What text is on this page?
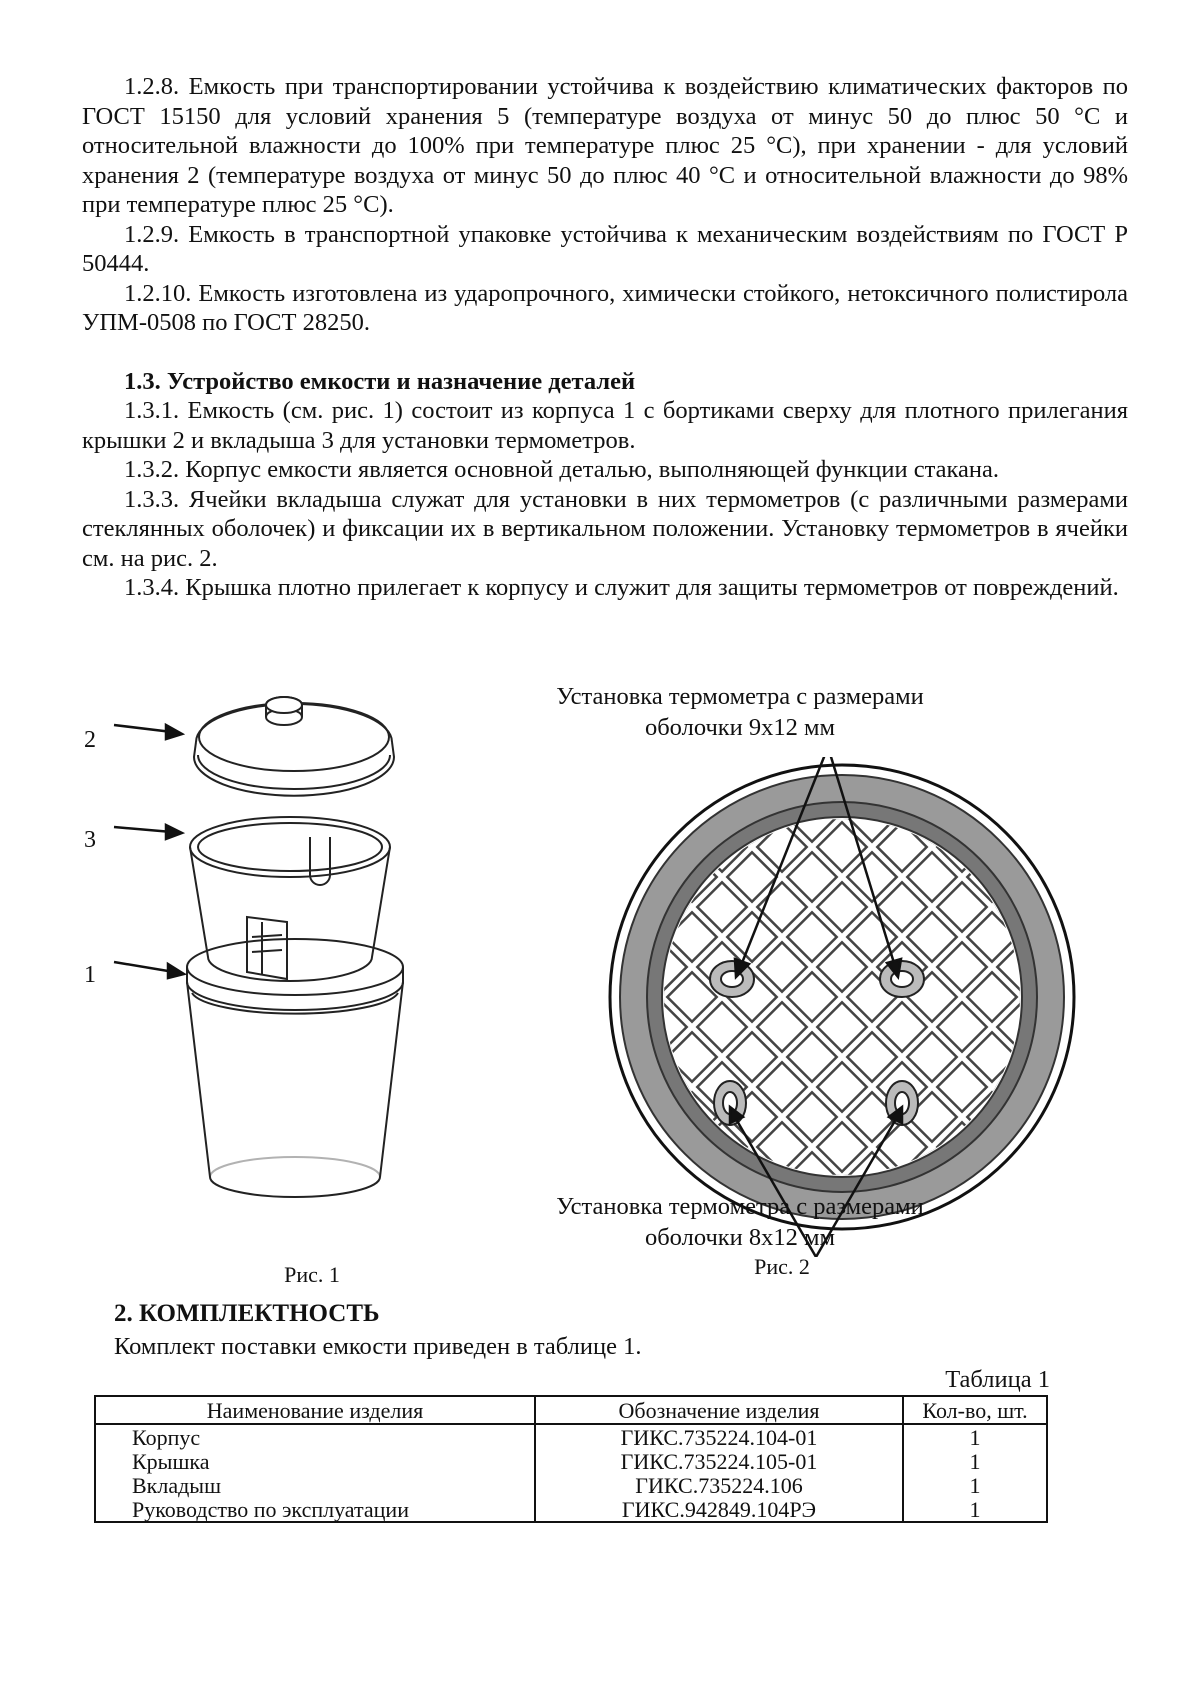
1.2.8. Емкость при транспортировании устойчива к воздействию климатических факторов по ГОСТ 15150 для условий хранения 5 (температуре воздуха от минус 50 до плюс 50 °С и относительной влажности до 100% при температуре плюс 25 °С), при хранении - для условий хранения 2 (температуре воздуха от минус 50 до плюс 40 °С и относительной влажности до 98% при температуре плюс 25 °С).

1.2.9. Емкость в транспортной упаковке устойчива к механическим воздействиям по ГОСТ Р 50444.

1.2.10. Емкость изготовлена из ударопрочного, химически стойкого, нетоксичного полистирола УПМ-0508 по ГОСТ 28250.

1.3. Устройство емкости и назначение деталей

1.3.1. Емкость (см. рис. 1) состоит из корпуса 1 с бортиками сверху для плотного прилегания крышки 2 и вкладыша 3 для установки термометров.

1.3.2. Корпус емкости является основной деталью, выполняющей функции стакана.

1.3.3. Ячейки вкладыша служат для установки в них термометров (с различными размерами стеклянных оболочек) и фиксации их в вертикальном положении. Установку термометров в ячейки см. на рис. 2.

1.3.4. Крышка плотно прилегает к корпусу и служит для защиты термометров от повреждений.

2
3
1
Рис. 1
Установка термометра с размерами оболочки 9х12 мм
Установка термометра с размерами оболочки 8х12 мм
Рис. 2
2. КОМПЛЕКТНОСТЬ
Комплект поставки емкости приведен в таблице 1.
Таблица 1
Наименование изделия	Обозначение изделия	Кол-во, шт.
Корпус	ГИКС.735224.104-01	1
Крышка	ГИКС.735224.105-01	1
Вкладыш	ГИКС.735224.106	1
Руководство по эксплуатации	ГИКС.942849.104РЭ	1
